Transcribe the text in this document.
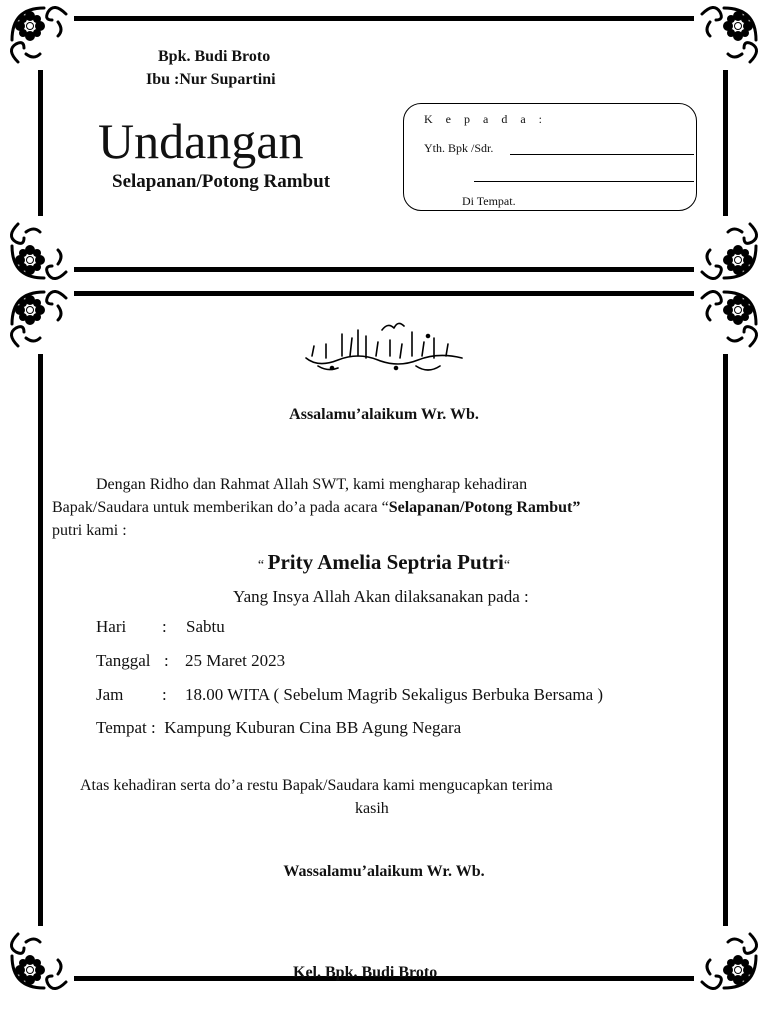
Bpk. Budi Broto
Ibu :Nur Supartini
Undangan
Selapanan/Potong Rambut
K e p a d a :
Yth. Bpk /Sdr.
Di Tempat.
Assalamu’alaikum Wr. Wb.
Dengan Ridho dan Rahmat Allah SWT, kami mengharap kehadiran
Bapak/Saudara untuk memberikan do’a pada acara “Selapanan/Potong Rambut”
putri kami :
“ Prity Amelia Septria Putri“
Yang Insya Allah Akan dilaksanakan pada :
Hari : Sabtu
Tanggal : 25 Maret 2023
Jam : 18.00 WITA ( Sebelum Magrib Sekaligus Berbuka Bersama )
Tempat : Kampung Kuburan Cina BB Agung Negara
Atas kehadiran serta do’a restu Bapak/Saudara kami mengucapkan terima
kasih
Wassalamu’alaikum Wr. Wb.
Kel. Bpk. Budi Broto
